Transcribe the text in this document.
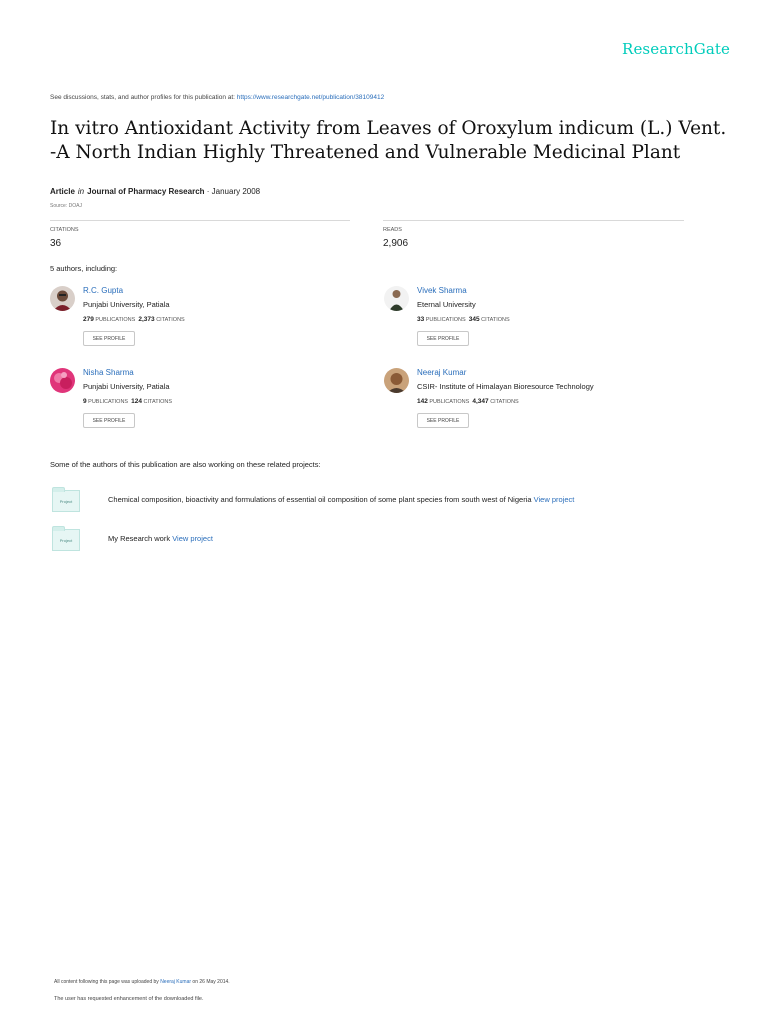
ResearchGate
See discussions, stats, and author profiles for this publication at: https://www.researchgate.net/publication/38109412
In vitro Antioxidant Activity from Leaves of Oroxylum indicum (L.) Vent. -A North Indian Highly Threatened and Vulnerable Medicinal Plant
Article in Journal of Pharmacy Research · January 2008
Source: DOAJ
CITATIONS
36
READS
2,906
5 authors, including:
R.C. Gupta
Punjabi University, Patiala
279 PUBLICATIONS 2,373 CITATIONS
SEE PROFILE
Vivek Sharma
Eternal University
33 PUBLICATIONS 345 CITATIONS
SEE PROFILE
Nisha Sharma
Punjabi University, Patiala
9 PUBLICATIONS 124 CITATIONS
SEE PROFILE
Neeraj Kumar
CSIR- Institute of Himalayan Bioresource Technology
142 PUBLICATIONS 4,347 CITATIONS
SEE PROFILE
Some of the authors of this publication are also working on these related projects:
Project	Chemical composition, bioactivity and formulations of essential oil composition of some plant species from south west of Nigeria View project
Project	My Research work View project
All content following this page was uploaded by Neeraj Kumar on 26 May 2014.
The user has requested enhancement of the downloaded file.
